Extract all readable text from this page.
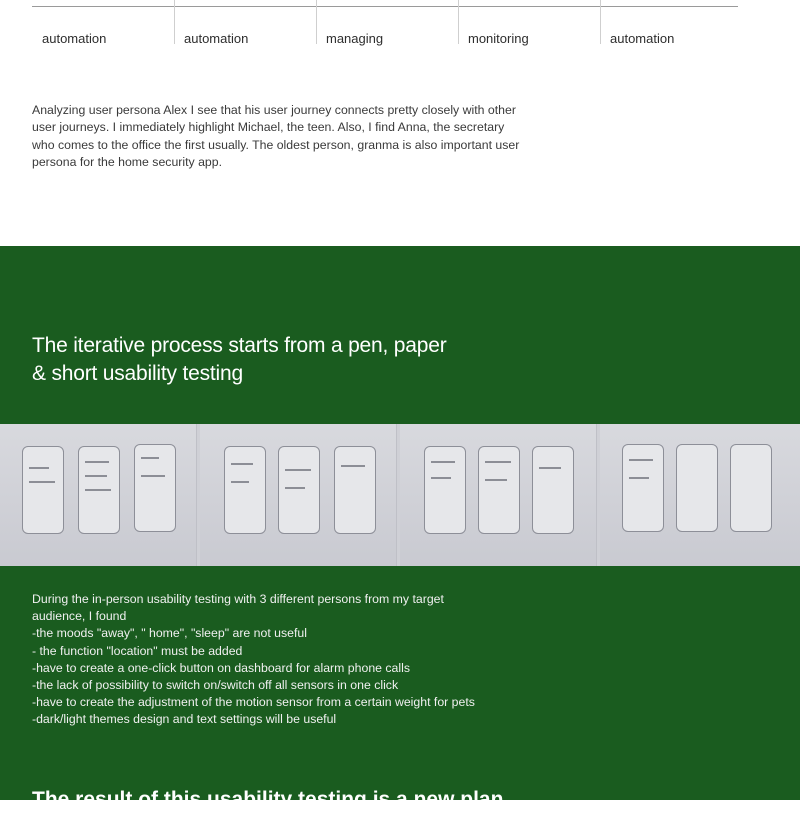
automation	automation	managing	monitoring	automation

Analyzing user persona Alex I see that his user journey connects pretty closely with other
user journeys. I immediately highlight Michael, the teen. Also, I find Anna, the secretary
who comes to the office the first usually. The oldest person, granma is also important user
persona for the home security app.

The iterative process starts from a pen, paper
& short usability testing
During the in-person usability testing with 3 different persons from my target
audience, I found
-the moods "away", " home", "sleep" are not useful
- the function "location" must be added
-have to create a one-click button on dashboard for alarm phone calls
-the lack of possibility to switch on/switch off all sensors in one click
-have to create the adjustment of the motion sensor from a certain weight for pets
-dark/light themes design and text settings will be useful
The result of this usability testing is a new plan
